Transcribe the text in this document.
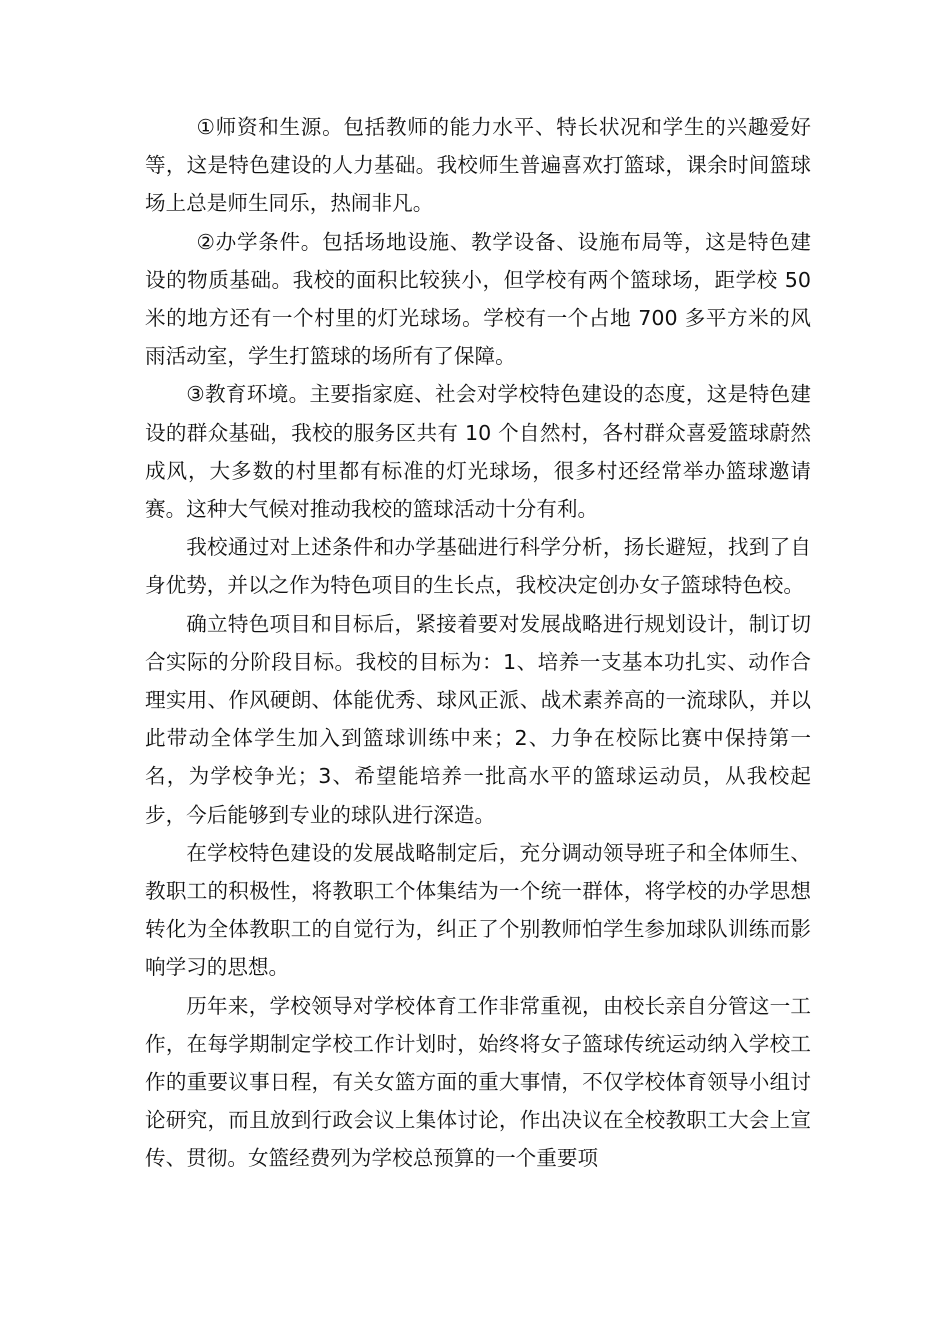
①师资和生源。包括教师的能力水平、特长状况和学生的兴趣爱好等，这是特色建设的人力基础。我校师生普遍喜欢打篮球，课余时间篮球场上总是师生同乐，热闹非凡。

②办学条件。包括场地设施、教学设备、设施布局等，这是特色建设的物质基础。我校的面积比较狭小，但学校有两个篮球场，距学校 50 米的地方还有一个村里的灯光球场。学校有一个占地 700 多平方米的风雨活动室，学生打篮球的场所有了保障。

③教育环境。主要指家庭、社会对学校特色建设的态度，这是特色建设的群众基础，我校的服务区共有 10 个自然村，各村群众喜爱篮球蔚然成风，大多数的村里都有标准的灯光球场，很多村还经常举办篮球邀请赛。这种大气候对推动我校的篮球活动十分有利。

我校通过对上述条件和办学基础进行科学分析，扬长避短，找到了自身优势，并以之作为特色项目的生长点，我校决定创办女子篮球特色校。

确立特色项目和目标后，紧接着要对发展战略进行规划设计，制订切合实际的分阶段目标。我校的目标为：1、培养一支基本功扎实、动作合理实用、作风硬朗、体能优秀、球风正派、战术素养高的一流球队，并以此带动全体学生加入到篮球训练中来；2、力争在校际比赛中保持第一名，为学校争光；3、希望能培养一批高水平的篮球运动员，从我校起步，今后能够到专业的球队进行深造。

在学校特色建设的发展战略制定后，充分调动领导班子和全体师生、教职工的积极性，将教职工个体集结为一个统一群体，将学校的办学思想转化为全体教职工的自觉行为，纠正了个别教师怕学生参加球队训练而影响学习的思想。

历年来，学校领导对学校体育工作非常重视，由校长亲自分管这一工作，在每学期制定学校工作计划时，始终将女子篮球传统运动纳入学校工作的重要议事日程，有关女篮方面的重大事情，不仅学校体育领导小组讨论研究，而且放到行政会议上集体讨论，作出决议在全校教职工大会上宣传、贯彻。女篮经费列为学校总预算的一个重要项
